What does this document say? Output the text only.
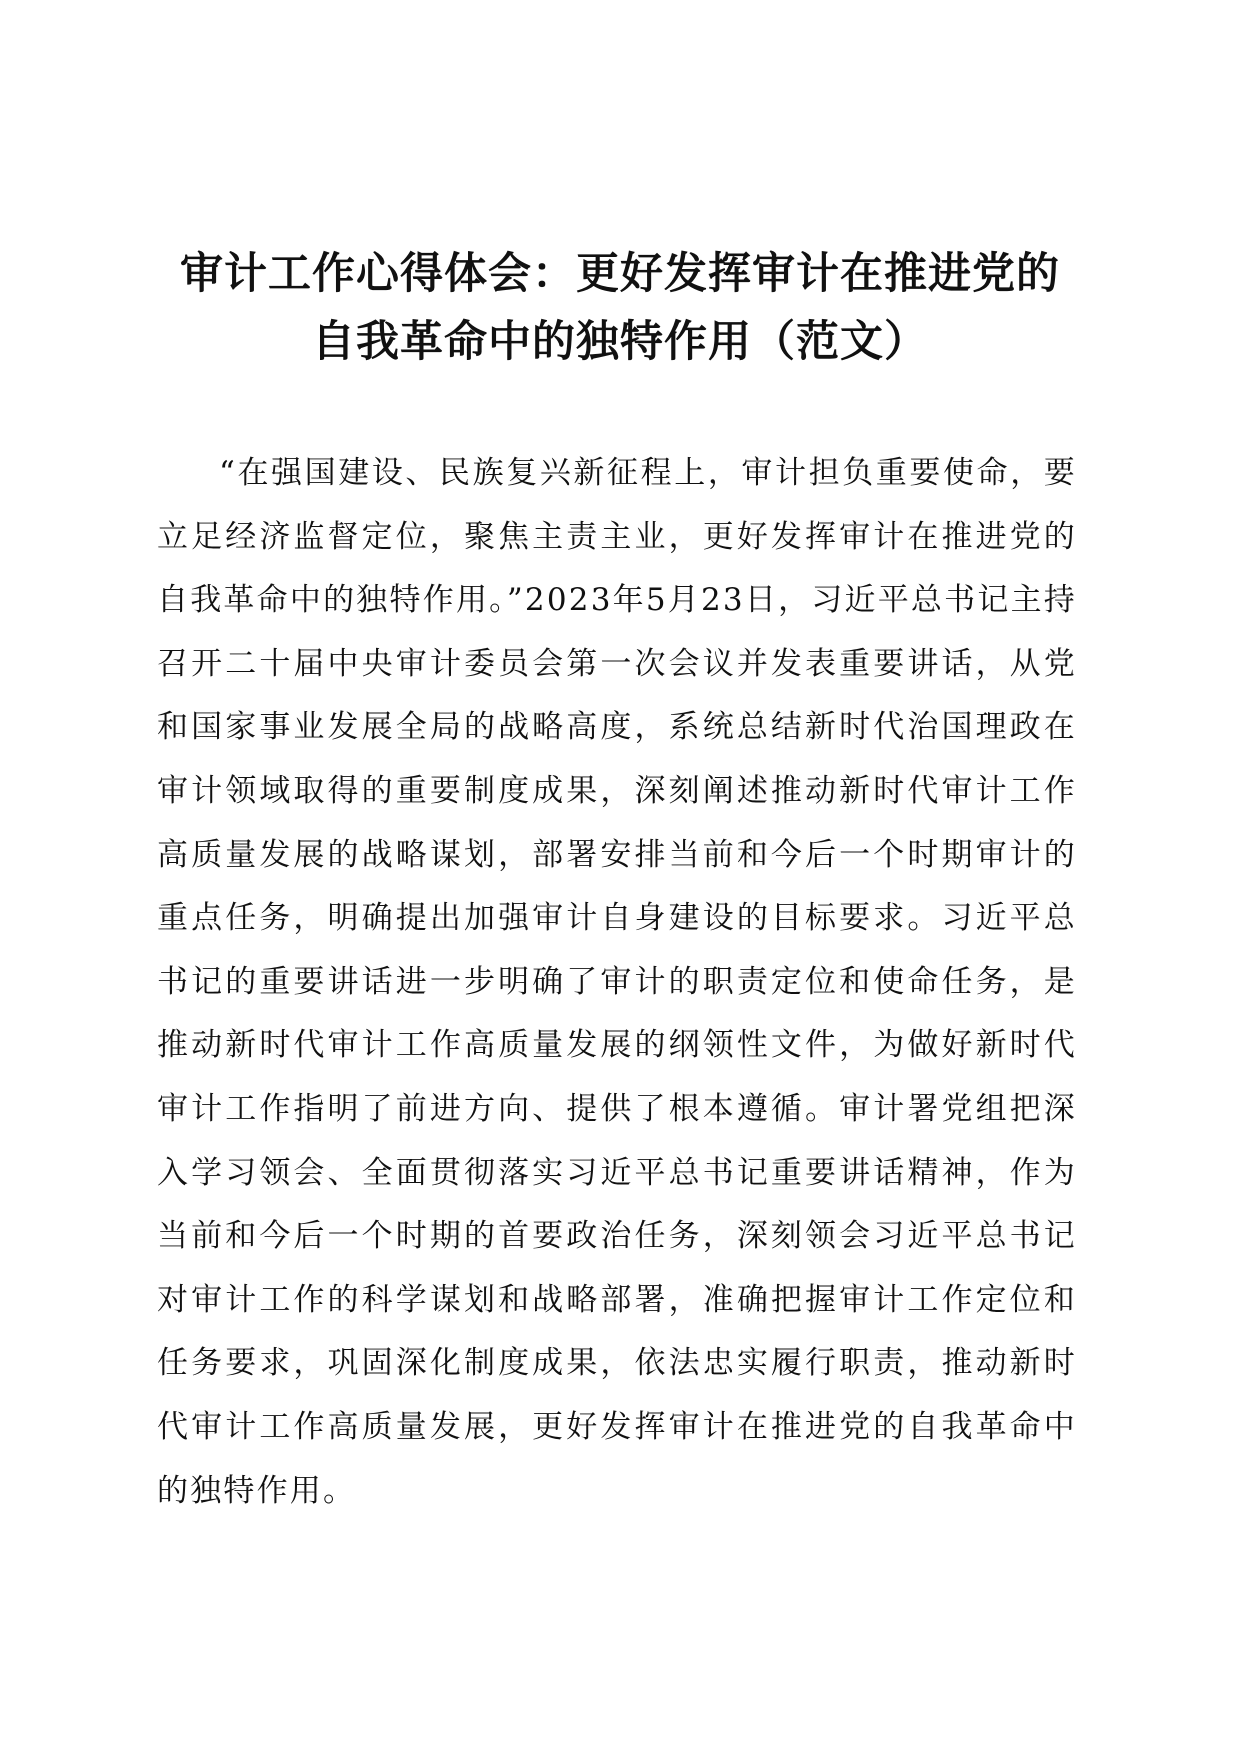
审计工作心得体会：更好发挥审计在推进党的
自我革命中的独特作用（范文）

“在强国建设、民族复兴新征程上，审计担负重要使命，要立足经济监督定位，聚焦主责主业，更好发挥审计在推进党的自我革命中的独特作用。”2023年5月23日，习近平总书记主持召开二十届中央审计委员会第一次会议并发表重要讲话，从党和国家事业发展全局的战略高度，系统总结新时代治国理政在审计领域取得的重要制度成果，深刻阐述推动新时代审计工作高质量发展的战略谋划，部署安排当前和今后一个时期审计的重点任务，明确提出加强审计自身建设的目标要求。习近平总书记的重要讲话进一步明确了审计的职责定位和使命任务，是推动新时代审计工作高质量发展的纲领性文件，为做好新时代审计工作指明了前进方向、提供了根本遵循。审计署党组把深入学习领会、全面贯彻落实习近平总书记重要讲话精神，作为当前和今后一个时期的首要政治任务，深刻领会习近平总书记对审计工作的科学谋划和战略部署，准确把握审计工作定位和任务要求，巩固深化制度成果，依法忠实履行职责，推动新时代审计工作高质量发展，更好发挥审计在推进党的自我革命中的独特作用。
